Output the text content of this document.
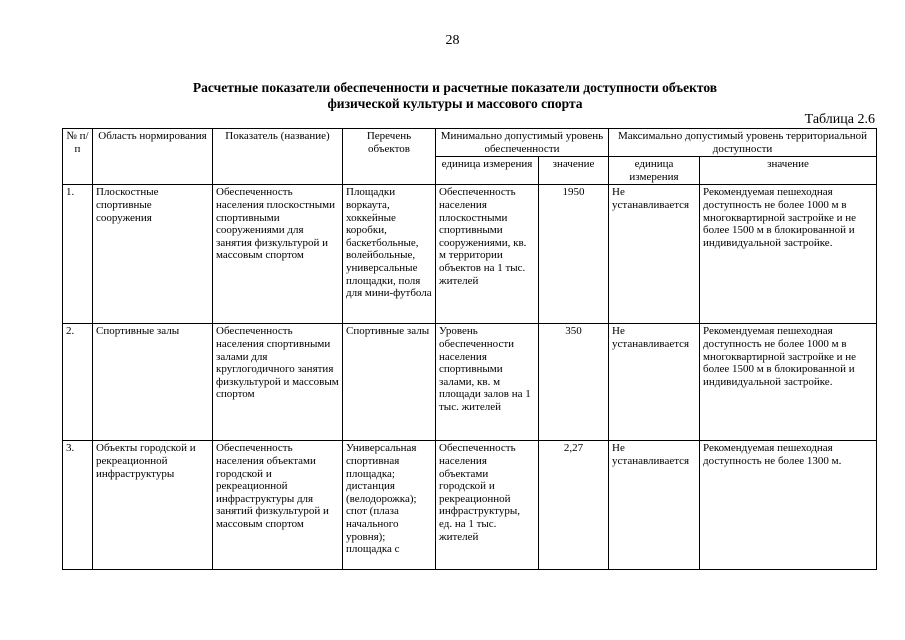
28
Расчетные показатели обеспеченности и расчетные показатели доступности объектов
физической культуры и массового спорта
Таблица 2.6
№ п/п	Область нормирования	Показатель (название)	Перечень объектов	Минимально допустимый уровень обеспеченности		Максимально допустимый уровень территориальной доступности	
				единица измерения	значение	единица измерения	значение
1.	Плоскостные спортивные сооружения	Обеспеченность населения плоскостными спортивными сооружениями для занятия физкультурой и массовым спортом	Площадки воркаута, хоккейные коробки, баскетбольные, волейбольные, универсальные площадки, поля для мини-футбола	Обеспеченность населения плоскостными спортивными сооружениями, кв. м территории объектов на 1 тыс. жителей	1950	Не устанавливается	Рекомендуемая пешеходная доступность не более 1000 м в многоквартирной застройке и не более 1500 м в блокированной и индивидуальной застройке.
2.	Спортивные залы	Обеспеченность населения спортивными залами для круглогодичного занятия физкультурой и массовым спортом	Спортивные залы	Уровень обеспеченности населения спортивными залами, кв. м площади залов на 1 тыс. жителей	350	Не устанавливается	Рекомендуемая пешеходная доступность не более 1000 м в многоквартирной застройке и не более 1500 м в блокированной и индивидуальной застройке.
3.	Объекты городской и рекреационной инфраструктуры	Обеспеченность населения объектами городской и рекреационной инфраструктуры для занятий физкультурой и массовым спортом	Универсальная спортивная площадка; дистанция (велодорожка); спот (плаза начального уровня); площадка с	Обеспеченность населения объектами городской и рекреационной инфраструктуры, ед. на 1 тыс. жителей	2,27	Не устанавливается	Рекомендуемая пешеходная доступность не более 1300 м.
